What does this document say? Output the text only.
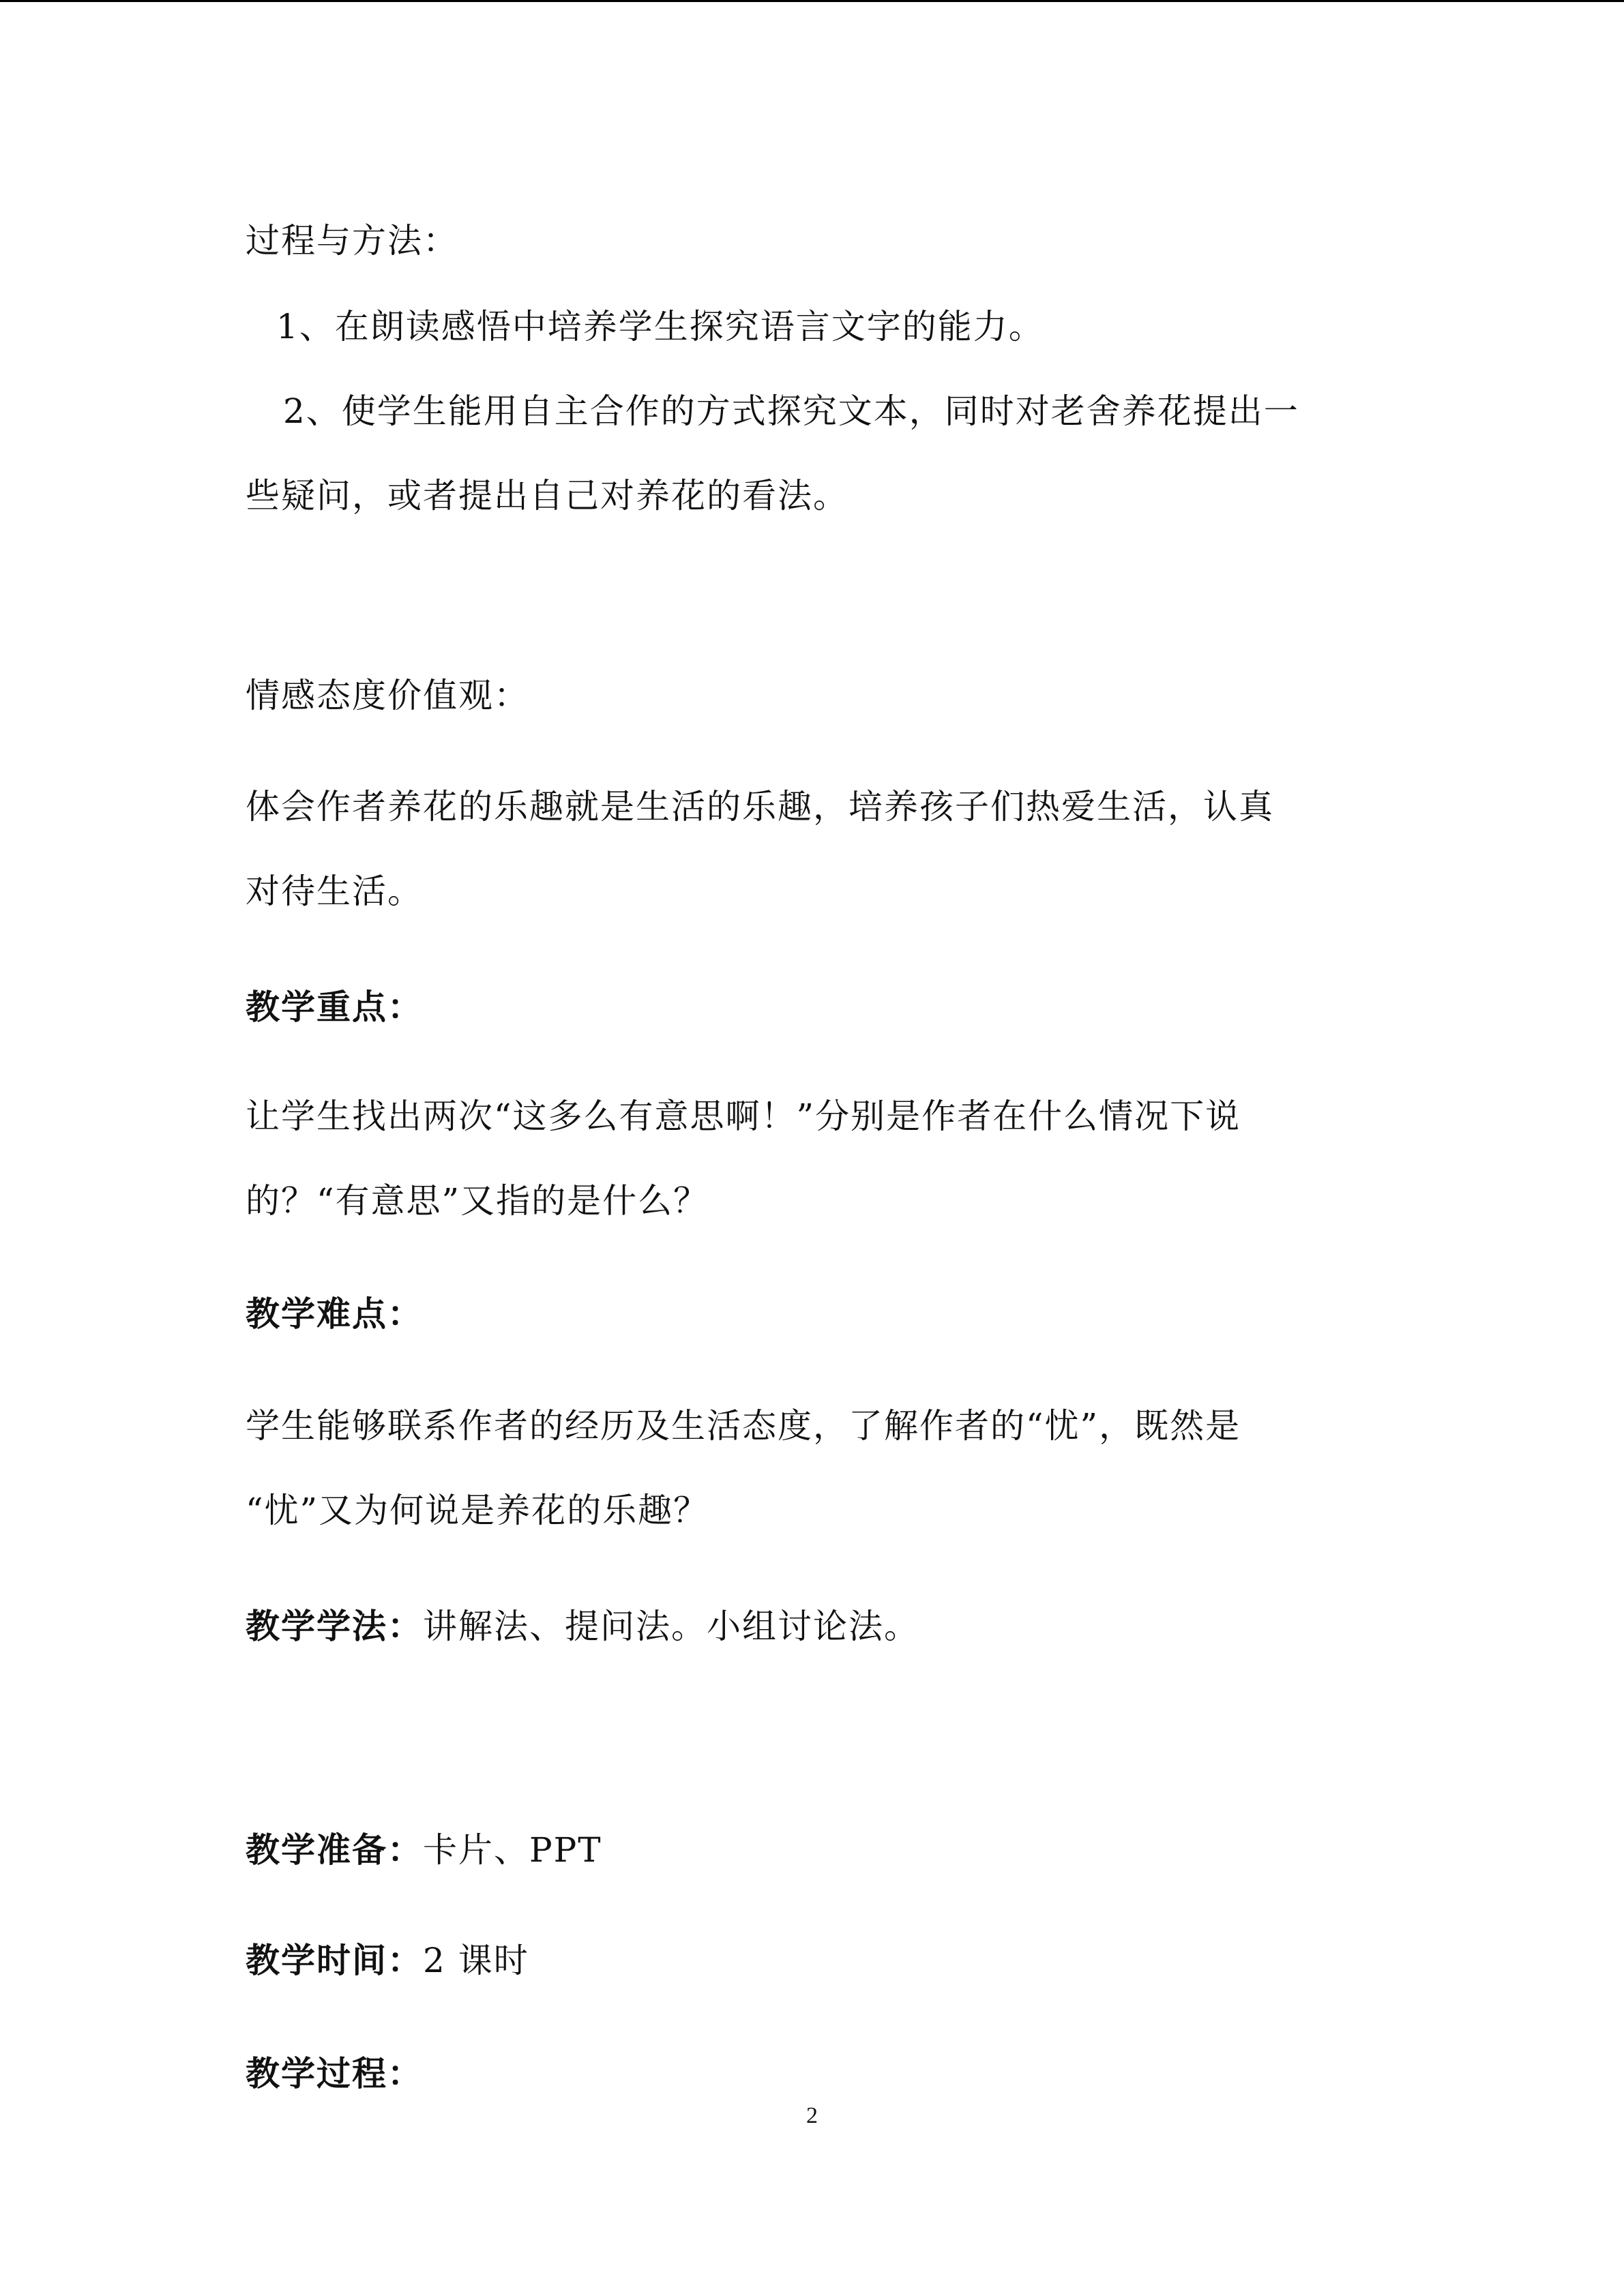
过程与方法：
1、在朗读感悟中培养学生探究语言文字的能力。
2、使学生能用自主合作的方式探究文本，同时对老舍养花提出一
些疑问，或者提出自己对养花的看法。
情感态度价值观：
体会作者养花的乐趣就是生活的乐趣，培养孩子们热爱生活，认真
对待生活。
教学重点：
让学生找出两次“这多么有意思啊！”分别是作者在什么情况下说
的？“有意思”又指的是什么？
教学难点：
学生能够联系作者的经历及生活态度，了解作者的“忧”，既然是
“忧”又为何说是养花的乐趣？
教学学法：讲解法、提问法。小组讨论法。
教学准备：卡片、PPT
教学时间：2 课时
教学过程：
2
